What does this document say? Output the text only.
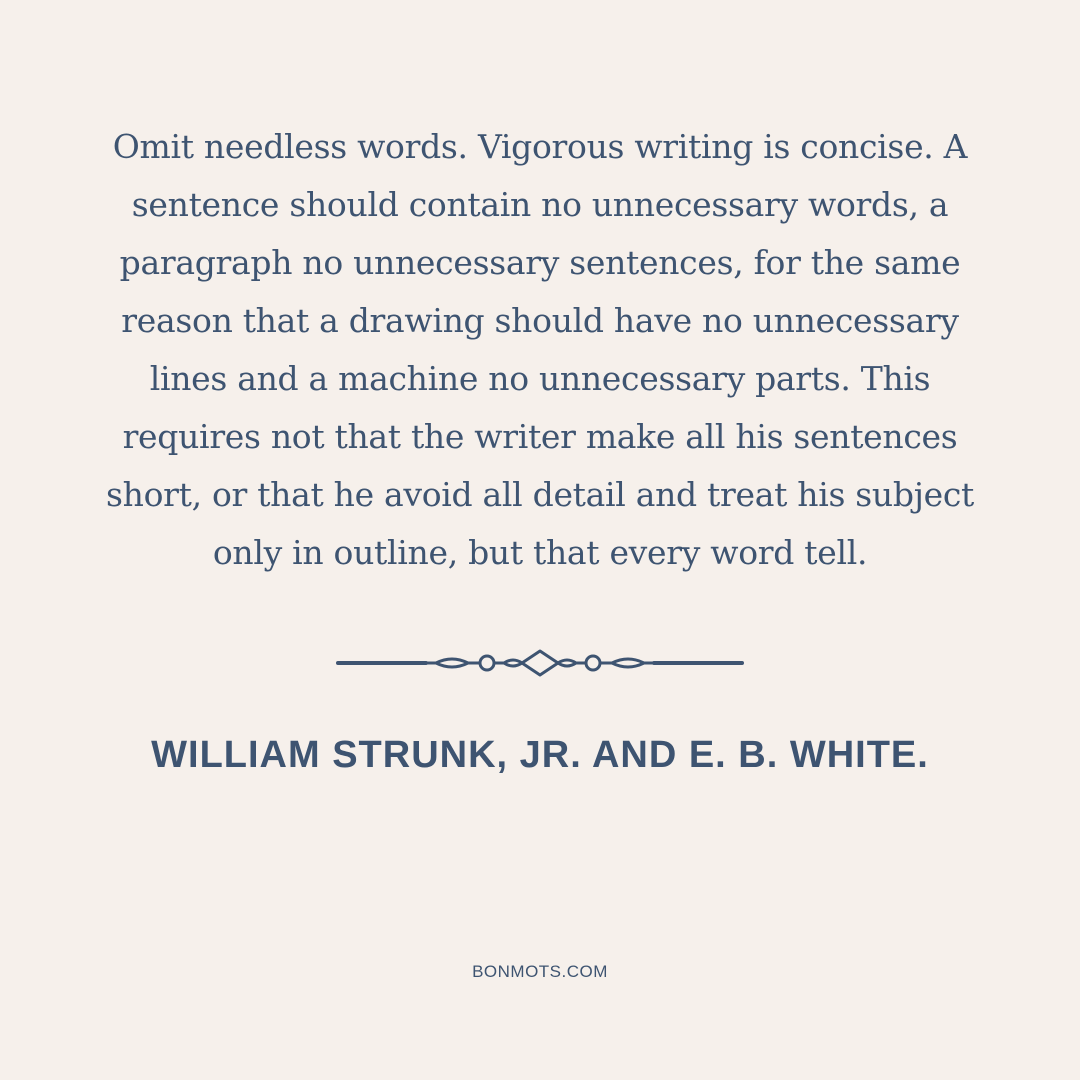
Omit needless words. Vigorous writing is concise. A sentence should contain no unnecessary words, a paragraph no unnecessary sentences, for the same reason that a drawing should have no unnecessary lines and a machine no unnecessary parts. This requires not that the writer make all his sentences short, or that he avoid all detail and treat his subject only in outline, but that every word tell.

WILLIAM STRUNK, JR. AND E. B. WHITE.
BONMOTS.COM
